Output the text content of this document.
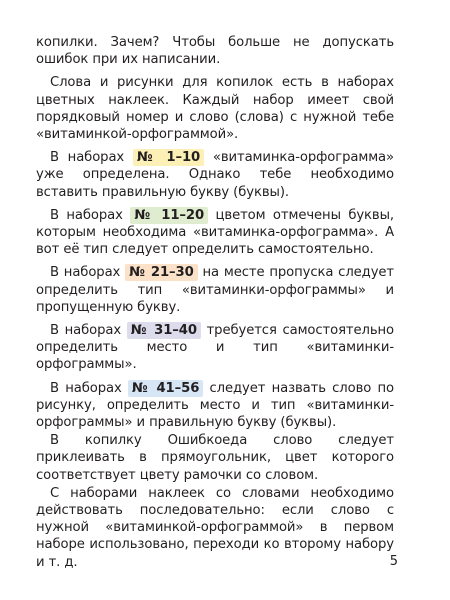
копилки. Зачем? Чтобы больше не допускать ошибок при их написании.

Слова и рисунки для копилок есть в наборах цветных наклеек. Каждый набор имеет свой порядковый номер и слово (слова) с нужной тебе «витаминкой-орфограммой».

В наборах № 1–10 «витаминка-орфограмма» уже определена. Однако тебе необходимо вставить правильную букву (буквы).

В наборах № 11–20 цветом отмечены буквы, которым необходима «витаминка-орфограмма». А вот её тип следует определить самостоятельно.

В наборах № 21–30 на месте пропуска следует определить тип «витаминки-орфограммы» и пропущенную букву.

В наборах № 31–40 требуется самостоятельно определить место и тип «витаминки-орфограммы».

В наборах № 41–56 следует назвать слово по рисунку, определить место и тип «витаминки-орфограммы» и правильную букву (буквы).

В копилку Ошибкоеда слово следует приклеивать в прямоугольник, цвет которого соответствует цвету рамочки со словом.

С наборами наклеек со словами необходимо действовать последовательно: если слово с нужной «витаминкой-орфограммой» в первом наборе использовано, переходи ко второму набору и т. д.	5
